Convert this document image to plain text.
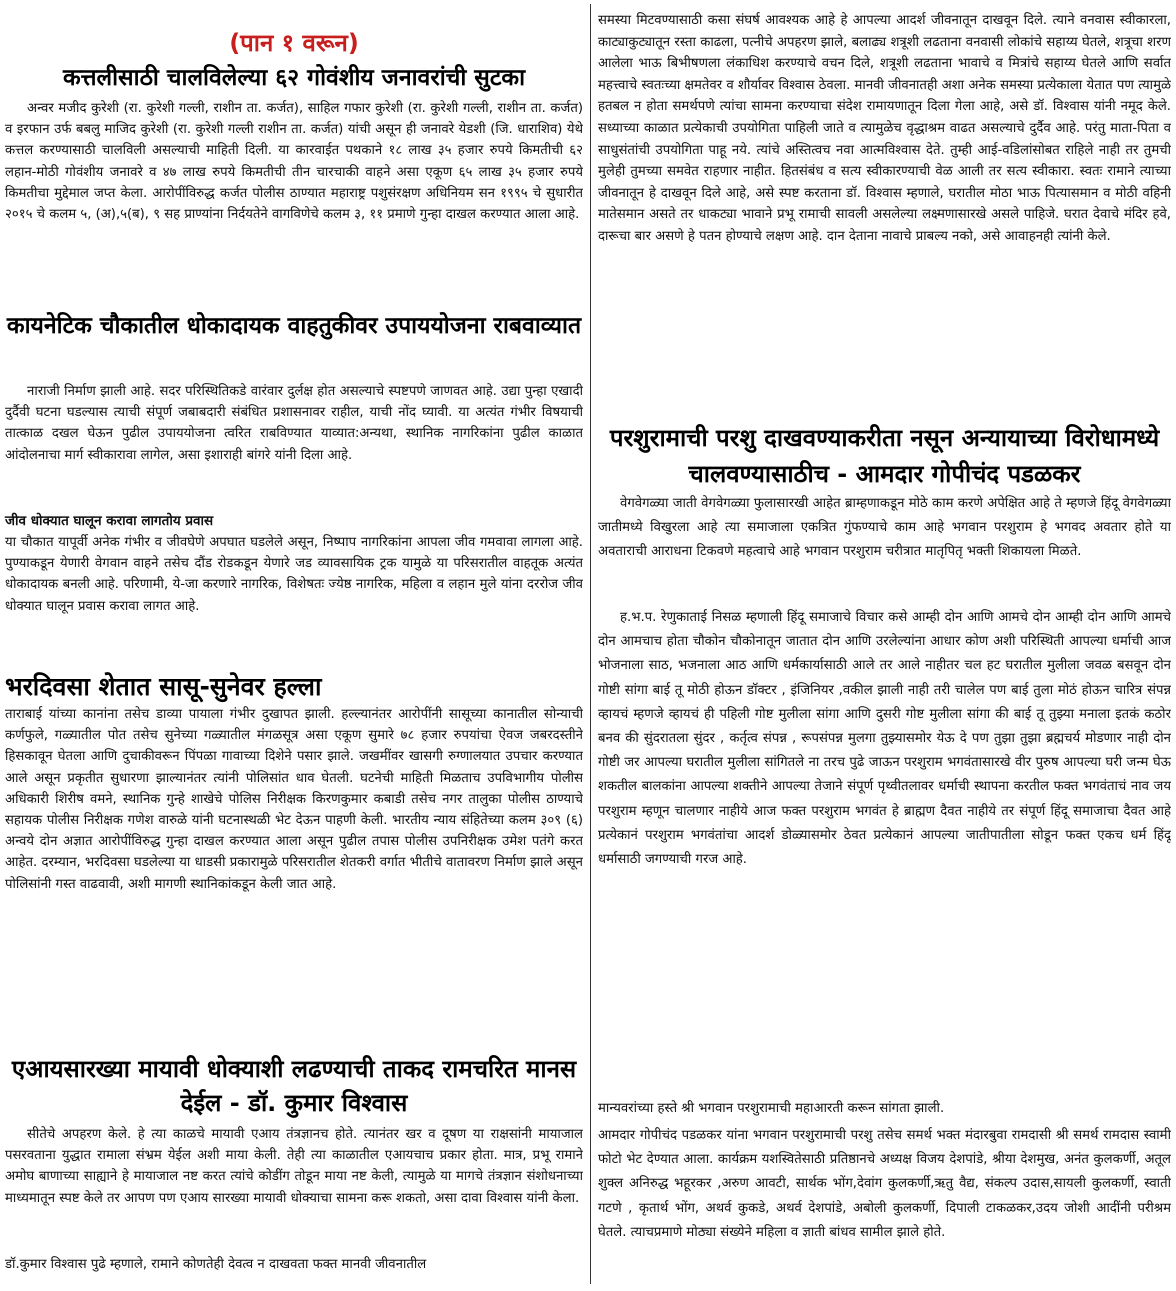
(पान १ वरून)
कत्तलीसाठी चालविलेल्या ६२ गोवंशीय जनावरांची सुटका
अन्वर मजीद कुरेशी (रा. कुरेशी गल्ली, राशीन ता. कर्जत), साहिल गफार कुरेशी (रा. कुरेशी गल्ली, राशीन ता. कर्जत) व इरफान उर्फ बबलु माजिद कुरेशी (रा. कुरेशी गल्ली राशीन ता. कर्जत) यांची असून ही जनावरे येडशी (जि. धाराशिव) येथे कत्तल करण्यासाठी चालविली असल्याची माहिती दिली. या कारवाईत पथकाने १८ लाख ३५ हजार रुपये किमतीची ६२ लहान-मोठी गोवंशीय जनावरे व ४७ लाख रुपये किमतीची तीन चारचाकी वाहने असा एकूण ६५ लाख ३५ हजार रुपये किमतीचा मुद्देमाल जप्त केला. आरोपींविरुद्ध कर्जत पोलीस ठाण्यात महाराष्ट्र पशुसंरक्षण अधिनियम सन १९९५ चे सुधारीत २०१५ चे कलम ५, (अ),५(ब), ९ सह प्राण्यांना निर्दयतेने वागविणेचे कलम ३, ११ प्रमाणे गुन्हा दाखल करण्यात आला आहे.
कायनेटिक चौकातील धोकादायक वाहतुकीवर उपाययोजना राबवाव्यात
नाराजी निर्माण झाली आहे. सदर परिस्थितिकडे वारंवार दुर्लक्ष होत असल्याचे स्पष्टपणे जाणवत आहे. उद्या पुन्हा एखादी दुर्दैवी घटना घडल्यास त्याची संपूर्ण जबाबदारी संबंधित प्रशासनावर राहील, याची नोंद घ्यावी. या अत्यंत गंभीर विषयाची तात्काळ दखल घेऊन पुढील उपाययोजना त्वरित राबविण्यात याव्यात:अन्यथा, स्थानिक नागरिकांना पुढील काळात आंदोलनाचा मार्ग स्वीकारावा लागेल, असा इशाराही बांगरे यांनी दिला आहे.
जीव धोक्यात घालून करावा लागतोय प्रवास
या चौकात यापूर्वी अनेक गंभीर व जीवघेणे अपघात घडलेले असून, निष्पाप नागरिकांना आपला जीव गमवावा लागला आहे. पुण्याकडून येणारी वेगवान वाहने तसेच दौंड रोडकडून येणारे जड व्यावसायिक ट्रक यामुळे या परिसरातील वाहतूक अत्यंत धोकादायक बनली आहे. परिणामी, ये-जा करणारे नागरिक, विशेषतः ज्येष्ठ नागरिक, महिला व लहान मुले यांना दररोज जीव धोक्यात घालून प्रवास करावा लागत आहे.
भरदिवसा शेतात सासू-सुनेवर हल्ला
ताराबाई यांच्या कानांना तसेच डाव्या पायाला गंभीर दुखापत झाली. हल्ल्यानंतर आरोपींनी सासूच्या कानातील सोन्याची कर्णफुले, गळ्यातील पोत तसेच सुनेच्या गळ्यातील मंगळसूत्र असा एकूण सुमारे ७८ हजार रुपयांचा ऐवज जबरदस्तीने हिसकावून घेतला आणि दुचाकीवरून पिंपळा गावाच्या दिशेने पसार झाले. जखमींवर खासगी रुग्णालयात उपचार करण्यात आले असून प्रकृतीत सुधारणा झाल्यानंतर त्यांनी पोलिसांत धाव घेतली. घटनेची माहिती मिळताच उपविभागीय पोलीस अधिकारी शिरीष वमने, स्थानिक गुन्हे शाखेचे पोलिस निरीक्षक किरणकुमार कबाडी तसेच नगर तालुका पोलीस ठाण्याचे सहायक पोलीस निरीक्षक गणेश वारुळे यांनी घटनास्थळी भेट देऊन पाहणी केली. भारतीय न्याय संहितेच्या कलम ३०९ (६) अन्वये दोन अज्ञात आरोपींविरुद्ध गुन्हा दाखल करण्यात आला असून पुढील तपास पोलीस उपनिरीक्षक उमेश पतंगे करत आहेत. दरम्यान, भरदिवसा घडलेल्या या धाडसी प्रकारामुळे परिसरातील शेतकरी वर्गात भीतीचे वातावरण निर्माण झाले असून पोलिसांनी गस्त वाढवावी, अशी मागणी स्थानिकांकडून केली जात आहे.
एआयसारख्या मायावी धोक्याशी लढण्याची ताकद रामचरित मानस देईल - डॉ. कुमार विश्वास
सीतेचे अपहरण केले. हे त्या काळचे मायावी एआय तंत्रज्ञानच होते. त्यानंतर खर व दूषण या राक्षसांनी मायाजाल पसरवताना युद्धात रामाला संभ्रम येईल अशी माया केली. तेही त्या काळातील एआयचाच प्रकार होता. मात्र, प्रभू रामाने अमोघ बाणाच्या साह्याने हे मायाजाल नष्ट करत त्यांचे कोडींग तोडून माया नष्ट केली, त्यामुळे या मागचे तंत्रज्ञान संशोधनाच्या माध्यमातून स्पष्ट केले तर आपण पण एआय सारख्या मायावी धोक्याचा सामना करू शकतो, असा दावा विश्वास यांनी केला.
डॉ.कुमार विश्वास पुढे म्हणाले, रामाने कोणतेही देवत्व न दाखवता फक्त मानवी जीवनातील
समस्या मिटवण्यासाठी कसा संघर्ष आवश्यक आहे हे आपल्या आदर्श जीवनातून दाखवून दिले. त्याने वनवास स्वीकारला, काट्याकुट्यातून रस्ता काढला, पत्नीचे अपहरण झाले, बलाढ्य शत्रूशी लढताना वनवासी लोकांचे सहाय्य घेतले, शत्रूचा शरण आलेला भाऊ बिभीषणला लंकाधिश करण्याचे वचन दिले, शत्रूशी लढताना भावाचे व मित्रांचे सहाय्य घेतले आणि सर्वात महत्त्वाचे स्वतःच्या क्षमतेवर व शौर्यावर विश्वास ठेवला. मानवी जीवनातही अशा अनेक समस्या प्रत्येकाला येतात पण त्यामुळे हतबल न होता समर्थपणे त्यांचा सामना करण्याचा संदेश रामायणातून दिला गेला आहे, असे डॉ. विश्वास यांनी नमूद केले. सध्याच्या काळात प्रत्येकाची उपयोगिता पाहिली जाते व त्यामुळेच वृद्धाश्रम वाढत असल्याचे दुर्दैव आहे. परंतु माता-पिता व साधुसंतांची उपयोगिता पाहू नये. त्यांचे अस्तित्वच नवा आत्मविश्वास देते. तुम्ही आई-वडिलांसोबत राहिले नाही तर तुमची मुलेही तुमच्या समवेत राहणार नाहीत. हितसंबंध व सत्य स्वीकारण्याची वेळ आली तर सत्य स्वीकारा. स्वतः रामाने त्याच्या जीवनातून हे दाखवून दिले आहे, असे स्पष्ट करताना डॉ. विश्वास म्हणाले, घरातील मोठा भाऊ पित्यासमान व मोठी वहिनी मातेसमान असते तर धाकट्या भावाने प्रभू रामाची सावली असलेल्या लक्ष्मणासारखे असले पाहिजे. घरात देवाचे मंदिर हवे, दारूचा बार असणे हे पतन होण्याचे लक्षण आहे. दान देताना नावाचे प्राबल्य नको, असे आवाहनही त्यांनी केले.
परशुरामाची परशु दाखवण्याकरीता नसून अन्यायाच्या विरोधामध्ये चालवण्यासाठीच - आमदार गोपीचंद पडळकर
वेगवेगळ्या जाती वेगवेगळ्या फुलासारखी आहेत ब्राम्हणाकडून मोठे काम करणे अपेक्षित आहे ते म्हणजे हिंदू वेगवेगळ्या जातीमध्ये विखुरला आहे त्या समाजाला एकत्रित गुंफण्याचे काम आहे भगवान परशुराम हे भगवद अवतार होते या अवताराची आराधना टिकवणे महत्वाचे आहे भगवान परशुराम चरीत्रात मातृपितृ भक्ती शिकायला मिळते.
ह.भ.प. रेणुकाताई निसळ म्हणाली हिंदू समाजाचे विचार कसे आम्ही दोन आणि आमचे दोन आम्ही दोन आणि आमचे दोन आमचाच होता चौकोन चौकोनातून जातात दोन आणि उरलेल्यांना आधार कोण अशी परिस्थिती आपल्या धर्माची आज भोजनाला साठ, भजनाला आठ आणि धर्मकार्यासाठी आले तर आले नाहीतर चल हट घरातील मुलीला जवळ बसवून दोन गोष्टी सांगा बाई तू मोठी होऊन डॉक्टर , इंजिनियर ,वकील झाली नाही तरी चालेल पण बाई तुला मोठं होऊन चारित्र संपन्न व्हायचं म्हणजे व्हायचं ही पहिली गोष्ट मुलीला सांगा आणि दुसरी गोष्ट मुलीला सांगा की बाई तू तुझ्या मनाला इतकं कठोर बनव की सुंदरातला सुंदर , कर्तृत्व संपन्न , रूपसंपन्न मुलगा तुझ्यासमोर येऊ दे पण तुझा तुझा ब्रह्मचर्य मोडणार नाही दोन गोष्टी जर आपल्या घरातील मुलीला सांगितले ना तरच पुढे जाऊन परशुराम भगवंतासारखे वीर पुरुष आपल्या घरी जन्म घेऊ शकतील बालकांना आपल्या शक्तीने आपल्या तेजाने संपूर्ण पृथ्वीतलावर धर्माची स्थापना करतील फक्त भगवंताचं नाव जय परशुराम म्हणून चालणार नाहीये आज फक्त परशुराम भगवंत हे ब्राह्मण दैवत नाहीये तर संपूर्ण हिंदू समाजाचा दैवत आहे प्रत्येकानं परशुराम भगवंतांचा आदर्श डोळ्यासमोर ठेवत प्रत्येकानं आपल्या जातीपातीला सोडून फक्त एकच धर्म हिंदू धर्मासाठी जगण्याची गरज आहे.
मान्यवरांच्या हस्ते श्री भगवान परशुरामाची महाआरती करून सांगता झाली.
आमदार गोपीचंद पडळकर यांना भगवान परशुरामाची परशु तसेच समर्थ भक्त मंदारबुवा रामदासी श्री समर्थ रामदास स्वामी फोटो भेट देण्यात आला. कार्यक्रम यशस्वितेसाठी प्रतिष्ठानचे अध्यक्ष विजय देशपांडे, श्रीया देशमुख, अनंत कुलकर्णी, अतूल शुक्ल अनिरुद्ध भहूरकर ,अरुण आवटी, सार्थक भोंग,देवांग कुलकर्णी,ऋतु वैद्य, संकल्प उदास,सायली कुलकर्णी, स्वाती गटणे , कृतार्थ भोंग, अथर्व कुकडे, अथर्व देशपांडे, अबोली कुलकर्णी, दिपाली टाकळकर,उदय जोशी आदींनी परीश्रम घेतले. त्याचप्रमाणे मोठ्या संख्येने महिला व ज्ञाती बांधव सामील झाले होते.
